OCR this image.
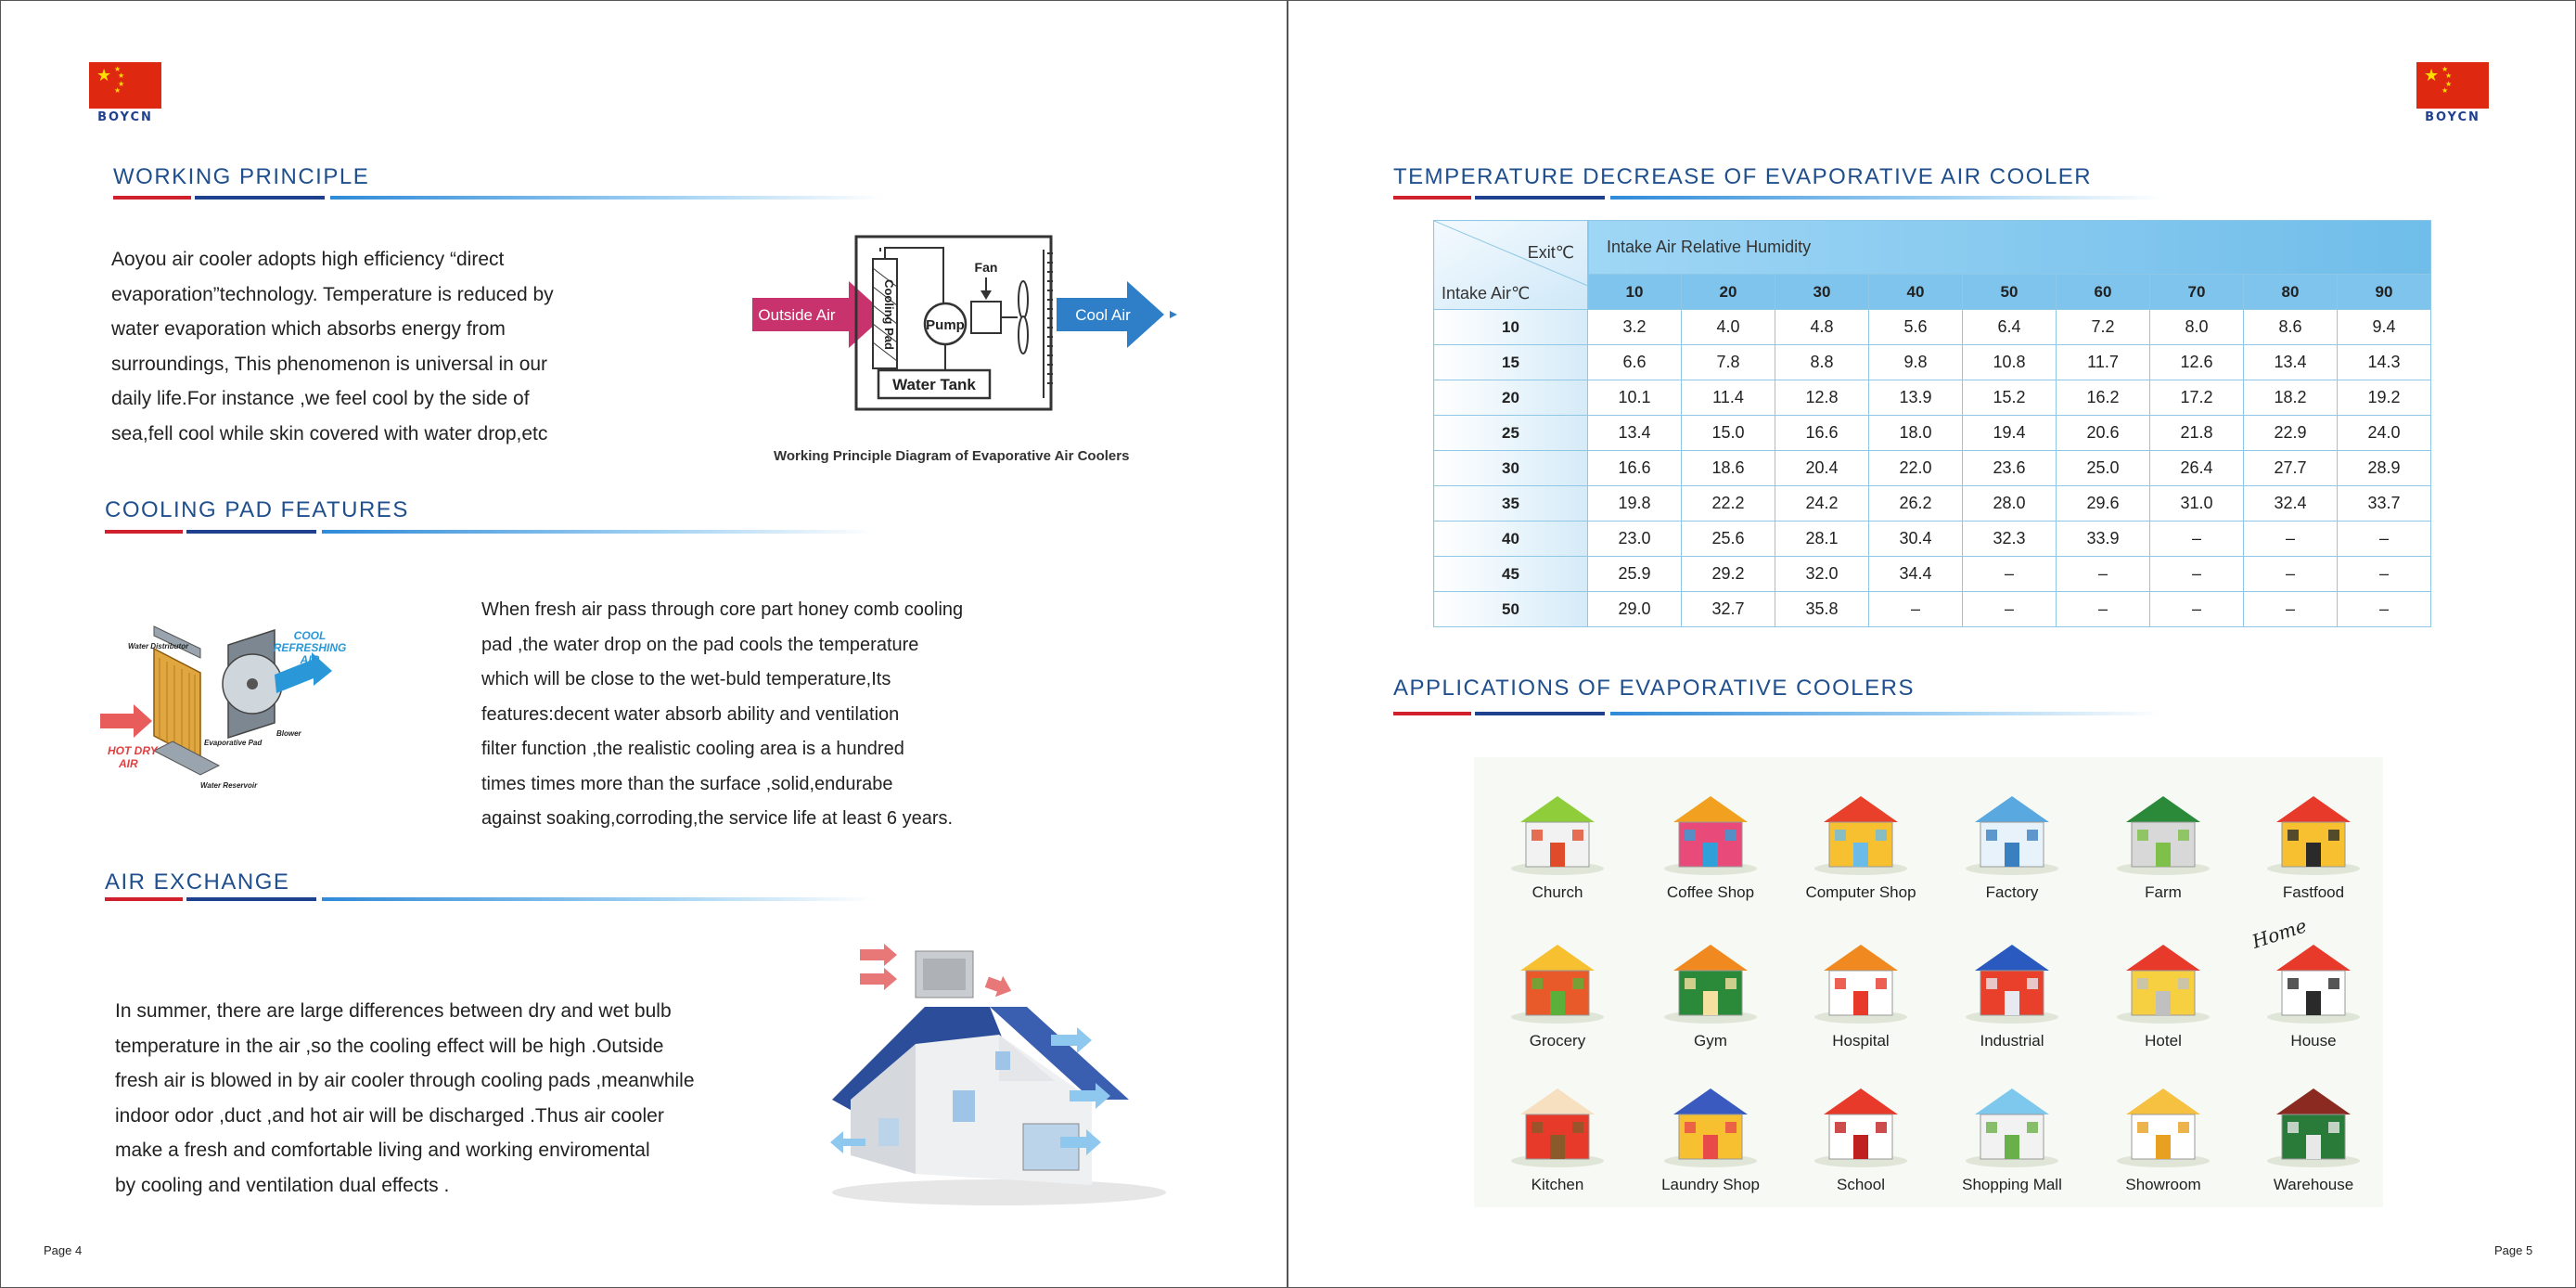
★ ★
★
★
★
BOYCN
WORKING PRINCIPLE
Aoyou air cooler adopts high efficiency “direct
evaporation”technology. Temperature is reduced by
water evaporation which absorbs energy from
surroundings, This phenomenon is universal in our
daily life.For instance ,we feel cool by the side of
sea,fell cool while skin covered with water drop,etc
Outside Air	Cooling Pad Pump
Fan
Water Tank
Cool Air
Working Principle Diagram of Evaporative Air Coolers
COOLING PAD FEATURES
Water Distributor
COOL REFRESHING AIR
HOT DRY AIR
Blower
Evaporative Pad
Water Reservoir
When fresh air pass through core part honey comb cooling
pad ,the water drop on the pad cools the temperature
which will be close to the wet-buld temperature,Its
features:decent water absorb ability and ventilation
filter function ,the realistic cooling area is a hundred
times times more than the surface ,solid,endurabe
against soaking,corroding,the service life at least 6 years.
AIR EXCHANGE
In summer, there are large differences between dry and wet bulb
temperature in the air ,so the cooling effect will be high .Outside
fresh air is blowed in by air cooler through cooling pads ,meanwhile
indoor odor ,duct ,and hot air will be discharged .Thus air cooler
make a fresh and comfortable living and working enviromental
by cooling and ventilation dual effects .
Page 4
★ ★
★
★
★
BOYCN
TEMPERATURE DECREASE OF EVAPORATIVE AIR COOLER
Exit℃
Intake Air℃	Intake Air Relative Humidity								
	10	20	30	40	50	60	70	80	90
10	3.2	4.0	4.8	5.6	6.4	7.2	8.0	8.6	9.4
15	6.6	7.8	8.8	9.8	10.8	11.7	12.6	13.4	14.3
20	10.1	11.4	12.8	13.9	15.2	16.2	17.2	18.2	19.2
25	13.4	15.0	16.6	18.0	19.4	20.6	21.8	22.9	24.0
30	16.6	18.6	20.4	22.0	23.6	25.0	26.4	27.7	28.9
35	19.8	22.2	24.2	26.2	28.0	29.6	31.0	32.4	33.7
40	23.0	25.6	28.1	30.4	32.3	33.9	–	–	–
45	25.9	29.2	32.0	34.4	–	–	–	–	–
50	29.0	32.7	35.8	–	–	–	–	–	–
APPLICATIONS OF EVAPORATIVE COOLERS
Home
Church	Coffee Shop	Computer Shop	Factory	Farm	Fastfood
Grocery	Gym	Hospital	Industrial	Hotel	House
Kitchen	Laundry Shop	School	Shopping Mall	Showroom	Warehouse
Page 5
